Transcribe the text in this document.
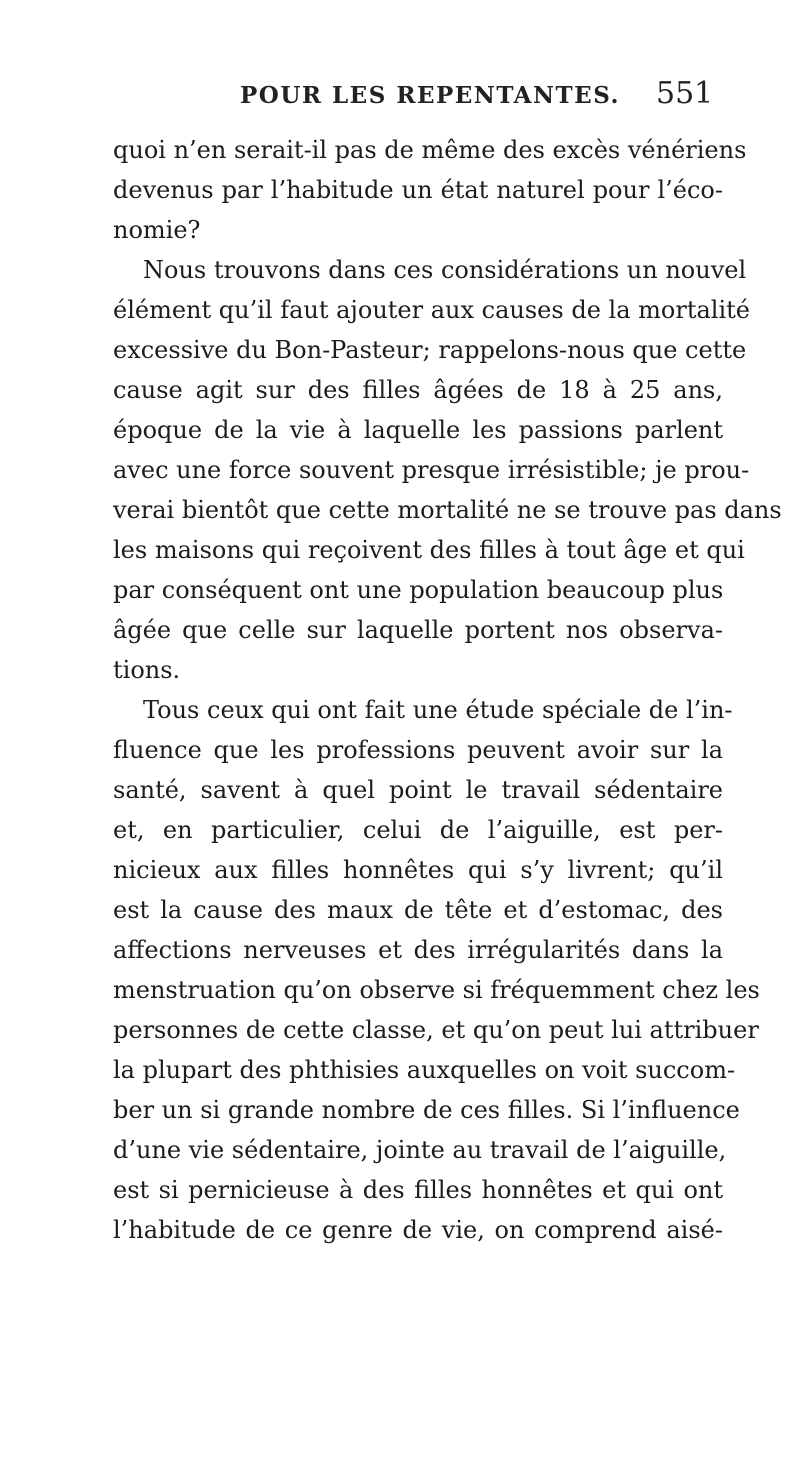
POUR LES REPENTANTES. 551
quoi n’en serait-il pas de même des excès vénériens
devenus par l’habitude un état naturel pour l’éco-
nomie?
Nous trouvons dans ces considérations un nouvel
élément qu’il faut ajouter aux causes de la mortalité
excessive du Bon-Pasteur; rappelons-nous que cette
cause agit sur des filles âgées de 18 à 25 ans,
époque de la vie à laquelle les passions parlent
avec une force souvent presque irrésistible; je prou-
verai bientôt que cette mortalité ne se trouve pas dans
les maisons qui reçoivent des filles à tout âge et qui
par conséquent ont une population beaucoup plus
âgée que celle sur laquelle portent nos observa-
tions.
Tous ceux qui ont fait une étude spéciale de l’in-
fluence que les professions peuvent avoir sur la
santé, savent à quel point le travail sédentaire
et, en particulier, celui de l’aiguille, est per-
nicieux aux filles honnêtes qui s’y livrent; qu’il
est la cause des maux de tête et d’estomac, des
affections nerveuses et des irrégularités dans la
menstruation qu’on observe si fréquemment chez les
personnes de cette classe, et qu’on peut lui attribuer
la plupart des phthisies auxquelles on voit succom-
ber un si grande nombre de ces filles. Si l’influence
d’une vie sédentaire, jointe au travail de l’aiguille,
est si pernicieuse à des filles honnêtes et qui ont
l’habitude de ce genre de vie, on comprend aisé-
